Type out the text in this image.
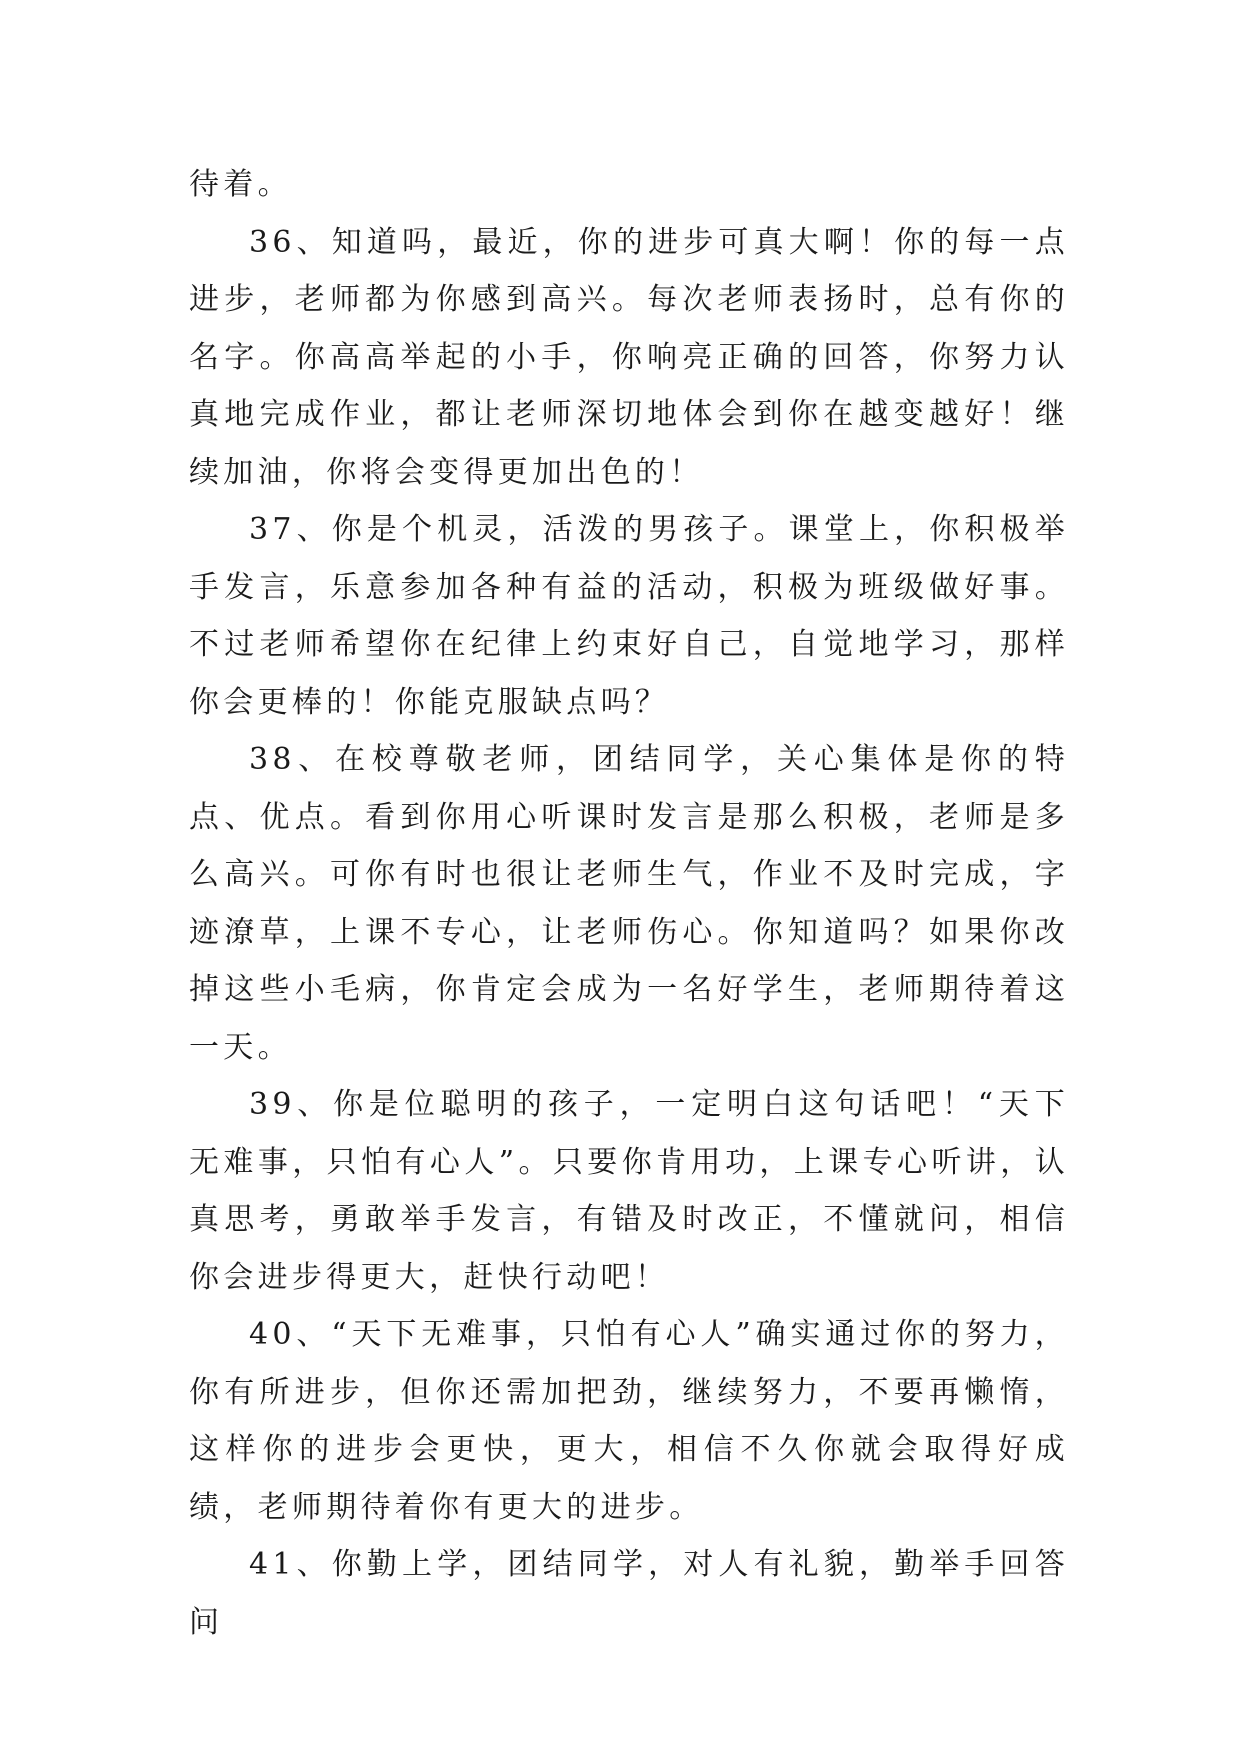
待着。

36、知道吗，最近，你的进步可真大啊！你的每一点进步，老师都为你感到高兴。每次老师表扬时，总有你的名字。你高高举起的小手，你响亮正确的回答，你努力认真地完成作业，都让老师深切地体会到你在越变越好！继续加油，你将会变得更加出色的！

37、你是个机灵，活泼的男孩子。课堂上，你积极举手发言，乐意参加各种有益的活动，积极为班级做好事。不过老师希望你在纪律上约束好自己，自觉地学习，那样你会更棒的！你能克服缺点吗？

38、在校尊敬老师，团结同学，关心集体是你的特点、优点。看到你用心听课时发言是那么积极，老师是多么高兴。可你有时也很让老师生气，作业不及时完成，字迹潦草，上课不专心，让老师伤心。你知道吗？如果你改掉这些小毛病，你肯定会成为一名好学生，老师期待着这一天。

39、你是位聪明的孩子，一定明白这句话吧！“天下无难事，只怕有心人”。只要你肯用功，上课专心听讲，认真思考，勇敢举手发言，有错及时改正，不懂就问，相信你会进步得更大，赶快行动吧！

40、“天下无难事，只怕有心人”确实通过你的努力，你有所进步，但你还需加把劲，继续努力，不要再懒惰，这样你的进步会更快，更大，相信不久你就会取得好成绩，老师期待着你有更大的进步。

41、你勤上学，团结同学，对人有礼貌，勤举手回答问
